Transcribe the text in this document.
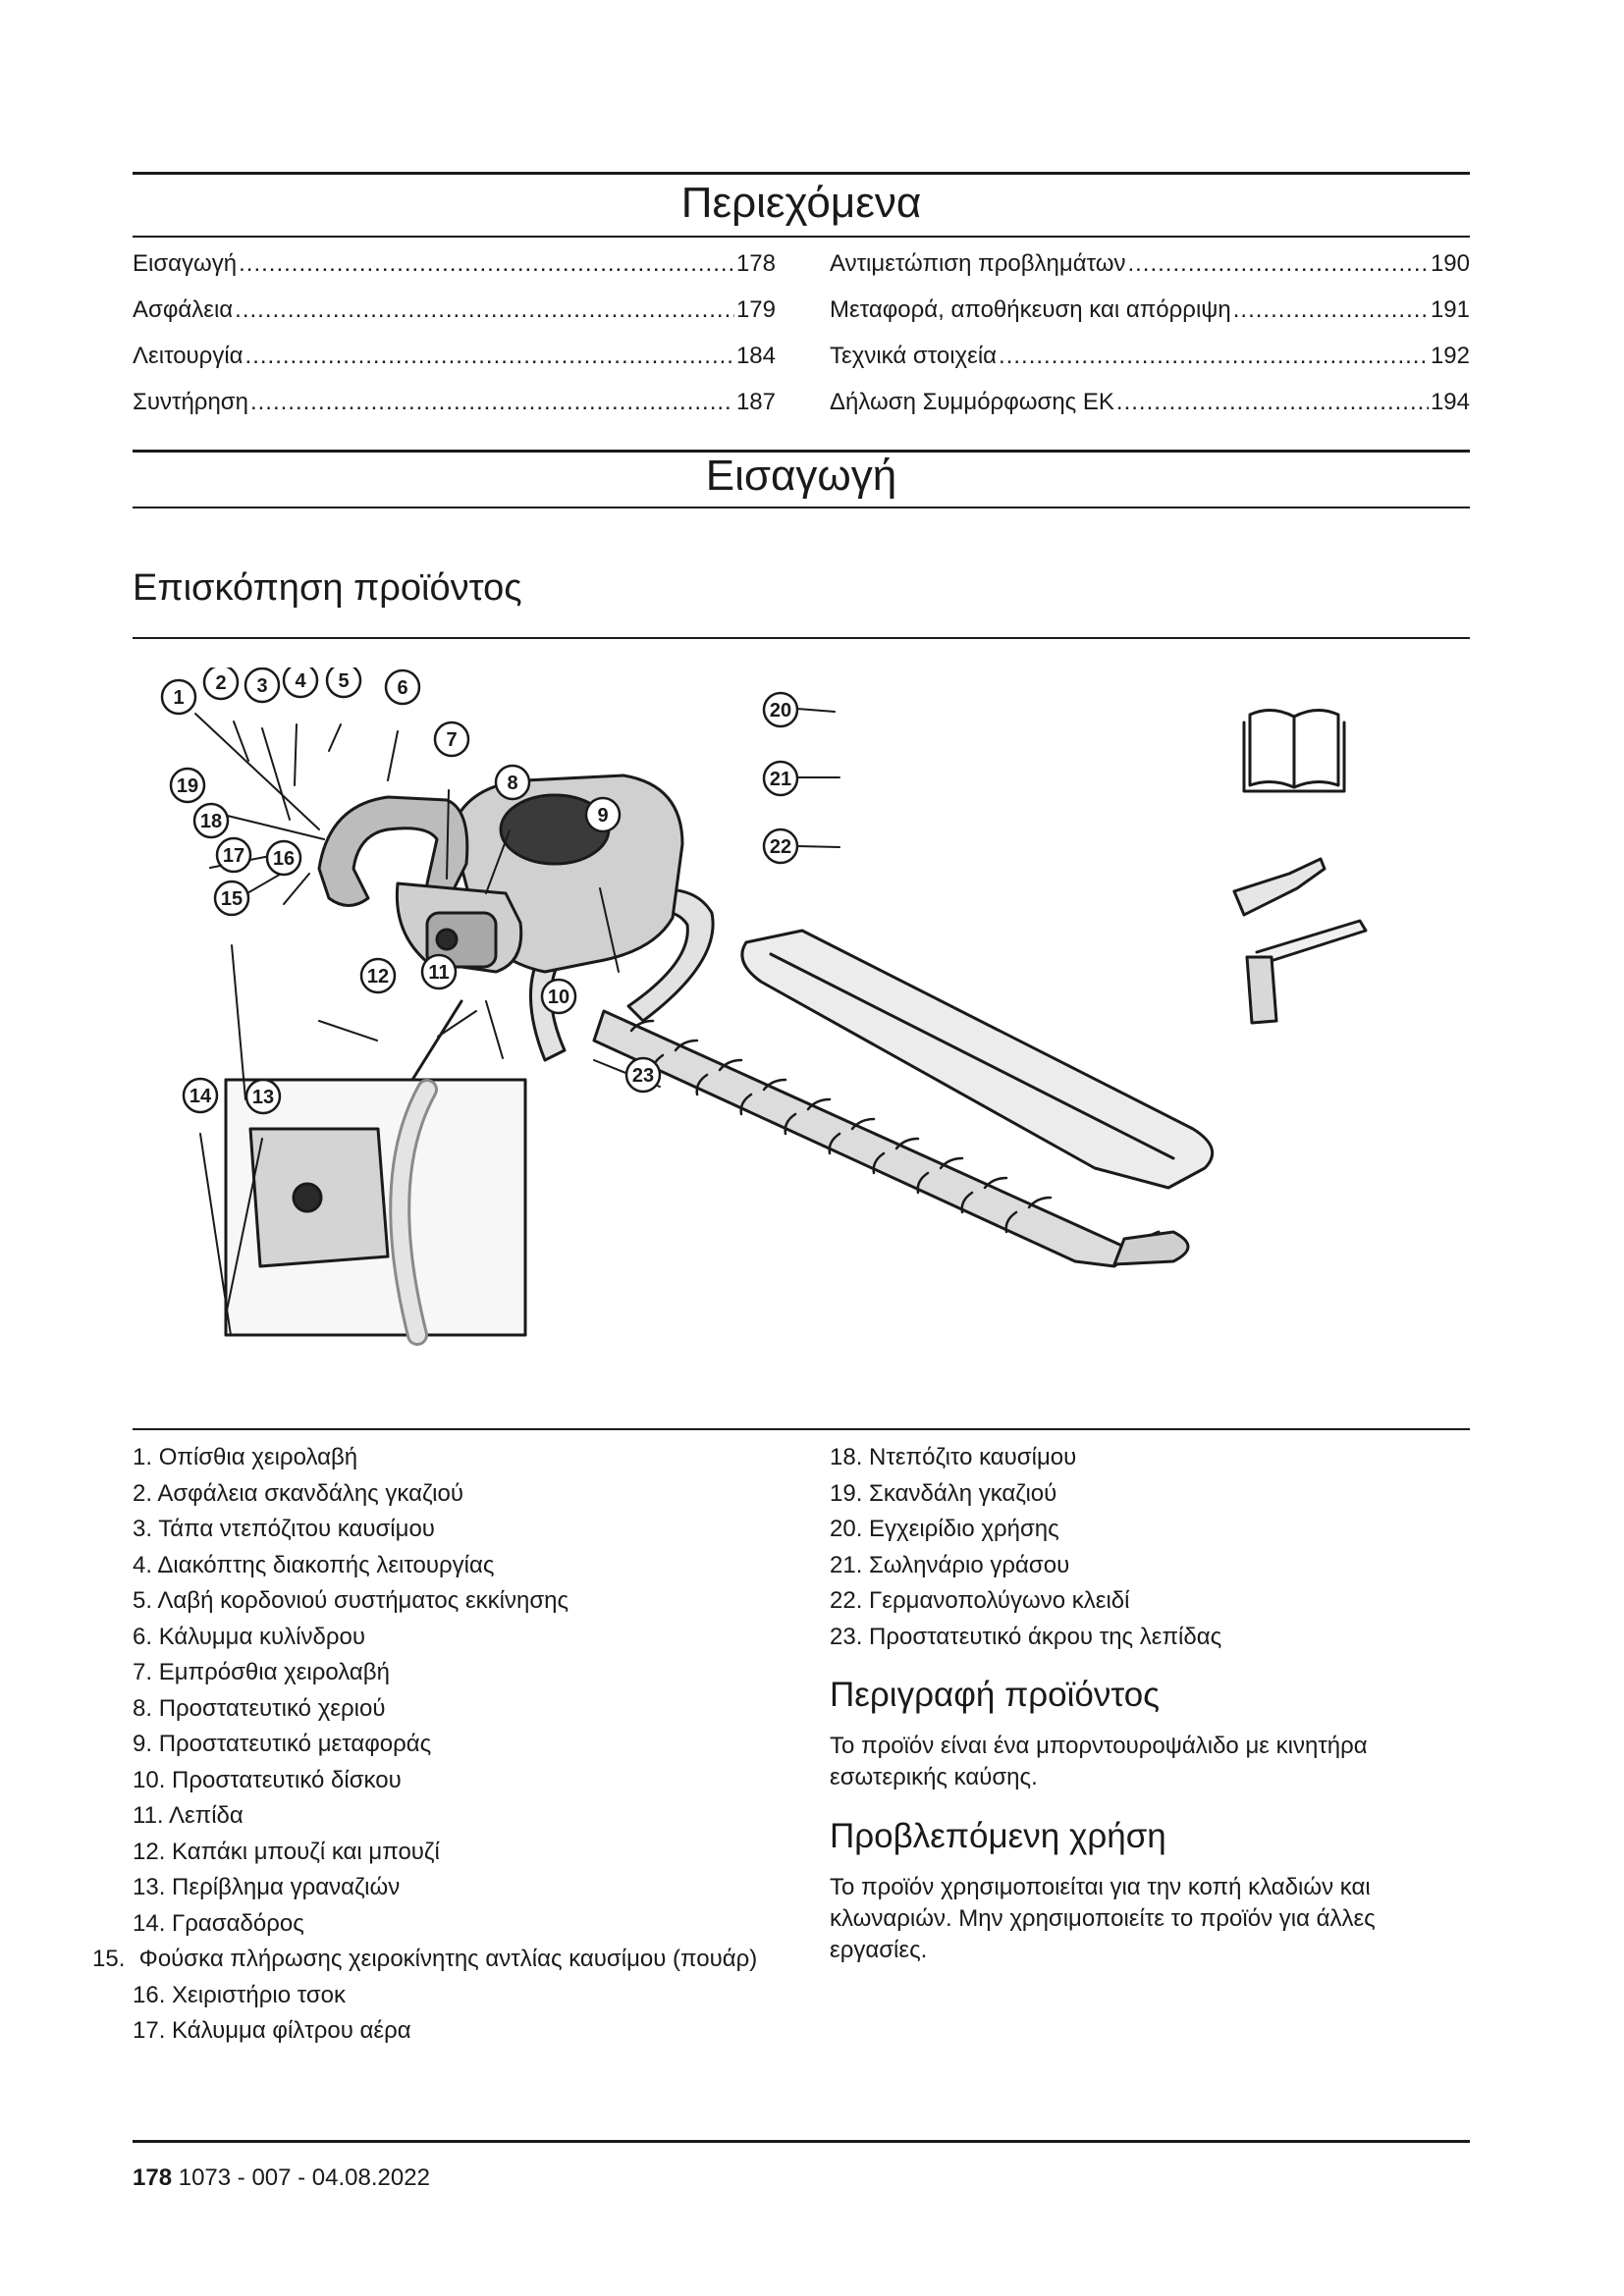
Περιεχόμενα
Εισαγωγή .....	178
Ασφάλεια .....	179
Λειτουργία .....	184
Συντήρηση .....	187
Αντιμετώπιση προβλημάτων .....	190
Μεταφορά, αποθήκευση και απόρριψη .....	191
Τεχνικά στοιχεία .....	192
Δήλωση Συμμόρφωσης ΕΚ .....	194
Εισαγωγή
Επισκόπηση προϊόντος
1
2 3 4 5 6
7
8
9
10
11
12
13
14
15
16
17
18
19
20
21
22
23
1. Οπίσθια χειρολαβή
2. Ασφάλεια σκανδάλης γκαζιού
3. Τάπα ντεπόζιτου καυσίμου
4. Διακόπτης διακοπής λειτουργίας
5. Λαβή κορδονιού συστήματος εκκίνησης
6. Κάλυμμα κυλίνδρου
7. Εμπρόσθια χειρολαβή
8. Προστατευτικό χεριού
9. Προστατευτικό μεταφοράς
10. Προστατευτικό δίσκου
11. Λεπίδα
12. Καπάκι μπουζί και μπουζί
13. Περίβλημα γραναζιών
14. Γρασαδόρος
15. Φούσκα πλήρωσης χειροκίνητης αντλίας καυσίμου (πουάρ)
16. Χειριστήριο τσοκ
17. Κάλυμμα φίλτρου αέρα
18. Ντεπόζιτο καυσίμου
19. Σκανδάλη γκαζιού
20. Εγχειρίδιο χρήσης
21. Σωληνάριο γράσου
22. Γερμανοπολύγωνο κλειδί
23. Προστατευτικό άκρου της λεπίδας
Περιγραφή προϊόντος

Το προϊόν είναι ένα μπορντουροψάλιδο με κινητήρα εσωτερικής καύσης.

Προβλεπόμενη χρήση

Το προϊόν χρησιμοποιείται για την κοπή κλαδιών και κλωναριών. Μην χρησιμοποιείτε το προϊόν για άλλες εργασίες.

178 1073 - 007 - 04.08.2022
